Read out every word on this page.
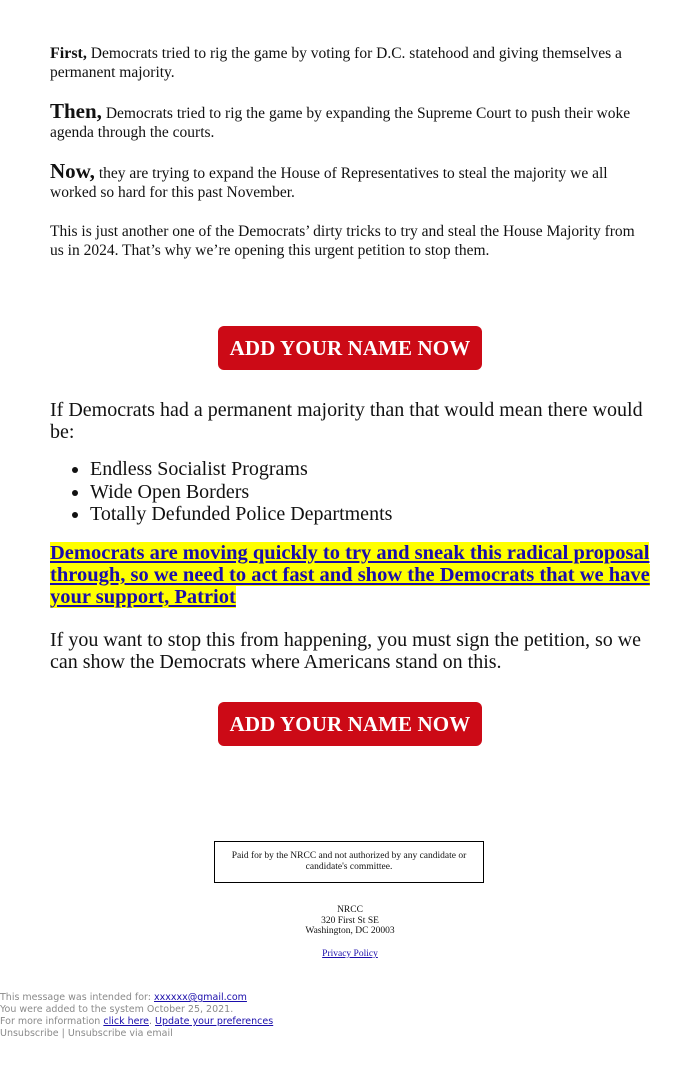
First, Democrats tried to rig the game by voting for D.C. statehood and giving themselves a permanent majority.

Then, Democrats tried to rig the game by expanding the Supreme Court to push their woke agenda through the courts.

Now, they are trying to expand the House of Representatives to steal the majority we all worked so hard for this past November.

This is just another one of the Democrats’ dirty tricks to try and steal the House Majority from us in 2024. That’s why we’re opening this urgent petition to stop them.

ADD YOUR NAME NOW

If Democrats had a permanent majority than that would mean there would be:

• Endless Socialist Programs
• Wide Open Borders
• Totally Defunded Police Departments
Democrats are moving quickly to try and sneak this radical proposal through, so we need to act fast and show the Democrats that we have your support, Patriot

If you want to stop this from happening, you must sign the petition, so we can show the Democrats where Americans stand on this.

ADD YOUR NAME NOW
Paid for by the NRCC and not authorized by any candidate or candidate's committee.
NRCC
320 First St SE
Washington, DC 20003
Privacy Policy
This message was intended for: xxxxxx@gmail.com
You were added to the system October 25, 2021.
For more information click here. Update your preferences
Unsubscribe | Unsubscribe via email
